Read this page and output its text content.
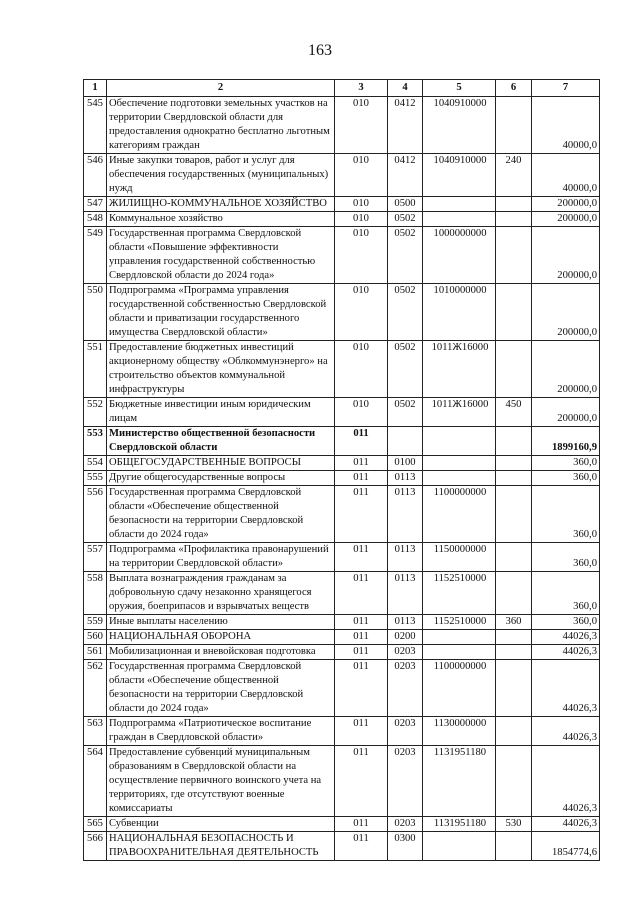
163
1	2	3	4	5	6	7
545	Обеспечение подготовки земельных участков на территории Свердловской области для предоставления однократно бесплатно льготным категориям граждан	010	0412	1040910000		40000,0
546	Иные закупки товаров, работ и услуг для обеспечения государственных (муниципальных) нужд	010	0412	1040910000	240	40000,0
547	ЖИЛИЩНО-КОММУНАЛЬНОЕ ХОЗЯЙСТВО	010	0500			200000,0
548	Коммунальное хозяйство	010	0502			200000,0
549	Государственная программа Свердловской области «Повышение эффективности управления государственной собственностью Свердловской области до 2024 года»	010	0502	1000000000		200000,0
550	Подпрограмма «Программа управления государственной собственностью Свердловской области и приватизации государственного имущества Свердловской области»	010	0502	1010000000		200000,0
551	Предоставление бюджетных инвестиций акционерному обществу «Облкоммунэнерго» на строительство объектов коммунальной инфраструктуры	010	0502	1011Ж16000		200000,0
552	Бюджетные инвестиции иным юридическим лицам	010	0502	1011Ж16000	450	200000,0
553	Министерство общественной безопасности Свердловской области	011				1899160,9
554	ОБЩЕГОСУДАРСТВЕННЫЕ ВОПРОСЫ	011	0100			360,0
555	Другие общегосударственные вопросы	011	0113			360,0
556	Государственная программа Свердловской области «Обеспечение общественной безопасности на территории Свердловской области до 2024 года»	011	0113	1100000000		360,0
557	Подпрограмма «Профилактика правонарушений на территории Свердловской области»	011	0113	1150000000		360,0
558	Выплата вознаграждения гражданам за добровольную сдачу незаконно хранящегося оружия, боеприпасов и взрывчатых веществ	011	0113	1152510000		360,0
559	Иные выплаты населению	011	0113	1152510000	360	360,0
560	НАЦИОНАЛЬНАЯ ОБОРОНА	011	0200			44026,3
561	Мобилизационная и вневойсковая подготовка	011	0203			44026,3
562	Государственная программа Свердловской области «Обеспечение общественной безопасности на территории Свердловской области до 2024 года»	011	0203	1100000000		44026,3
563	Подпрограмма «Патриотическое воспитание граждан в Свердловской области»	011	0203	1130000000		44026,3
564	Предоставление субвенций муниципальным образованиям в Свердловской области на осуществление первичного воинского учета на территориях, где отсутствуют военные комиссариаты	011	0203	1131951180		44026,3
565	Субвенции	011	0203	1131951180	530	44026,3
566	НАЦИОНАЛЬНАЯ БЕЗОПАСНОСТЬ И ПРАВООХРАНИТЕЛЬНАЯ ДЕЯТЕЛЬНОСТЬ	011	0300			1854774,6
